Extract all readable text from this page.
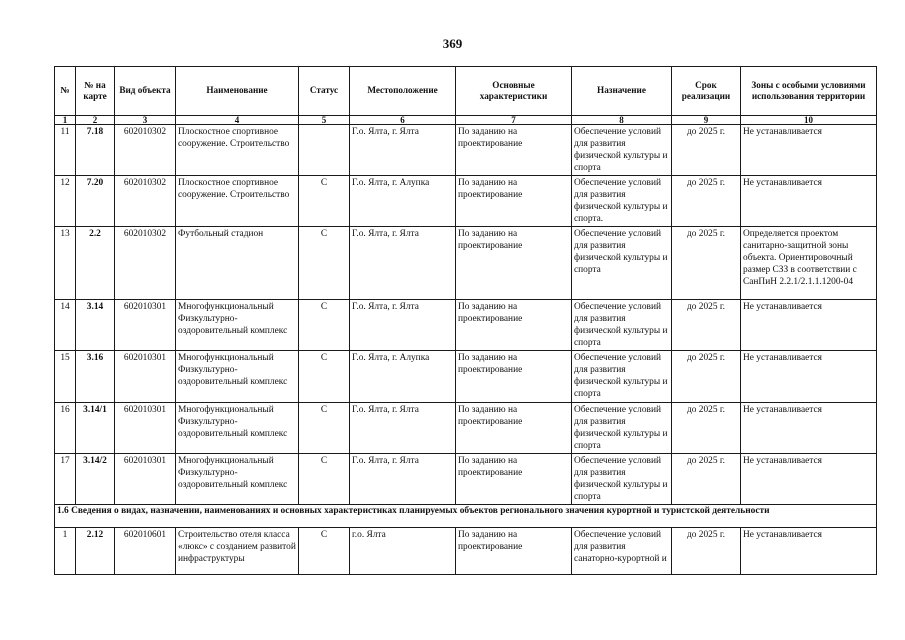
369
№	№ на карте	Вид объекта	Наименование	Статус	Местоположение	Основные характеристики	Назначение	Срок реализации	Зоны с особыми условиями использования территории
1	2	3	4	5	6	7	8	9	10
11	7.18	602010302	Плоскостное спортивное сооружение. Строительство		Г.о. Ялта, г. Ялта	По заданию на проектирование	Обеспечение условий для развития физической культуры и спорта	до 2025 г.	Не устанавливается
12	7.20	602010302	Плоскостное спортивное сооружение. Строительство	С	Г.о. Ялта, г. Алупка	По заданию на проектирование	Обеспечение условий для развития физической культуры и спорта.	до 2025 г.	Не устанавливается
13	2.2	602010302	Футбольный стадион	С	Г.о. Ялта, г. Ялта	По заданию на проектирование	Обеспечение условий для развития физической культуры и спорта	до 2025 г.	Определяется проектом санитарно-защитной зоны объекта. Ориентировочный размер СЗЗ в соответствии с СанПиН 2.2.1/2.1.1.1200-04
14	3.14	602010301	Многофункциональный Физкультурно-оздоровительный комплекс	С	Г.о. Ялта, г. Ялта	По заданию на проектирование	Обеспечение условий для развития физической культуры и спорта	до 2025 г.	Не устанавливается
15	3.16	602010301	Многофункциональный Физкультурно-оздоровительный комплекс	С	Г.о. Ялта, г. Алупка	По заданию на проектирование	Обеспечение условий для развития физической культуры и спорта	до 2025 г.	Не устанавливается
16	3.14/1	602010301	Многофункциональный Физкультурно-оздоровительный комплекс	С	Г.о. Ялта, г. Ялта	По заданию на проектирование	Обеспечение условий для развития физической культуры и спорта	до 2025 г.	Не устанавливается
17	3.14/2	602010301	Многофункциональный Физкультурно-оздоровительный комплекс	С	Г.о. Ялта, г. Ялта	По заданию на проектирование	Обеспечение условий для развития физической культуры и спорта	до 2025 г.	Не устанавливается
1.6 Сведения о видах, назначении, наименованиях и основных характеристиках планируемых объектов регионального значения курортной и туристской деятельности									
1	2.12	602010601	Строительство отеля класса «люкс» с созданием развитой инфраструктуры	С	г.о. Ялта	По заданию на проектирование	Обеспечение условий для развития санаторно-курортной и	до 2025 г.	Не устанавливается
